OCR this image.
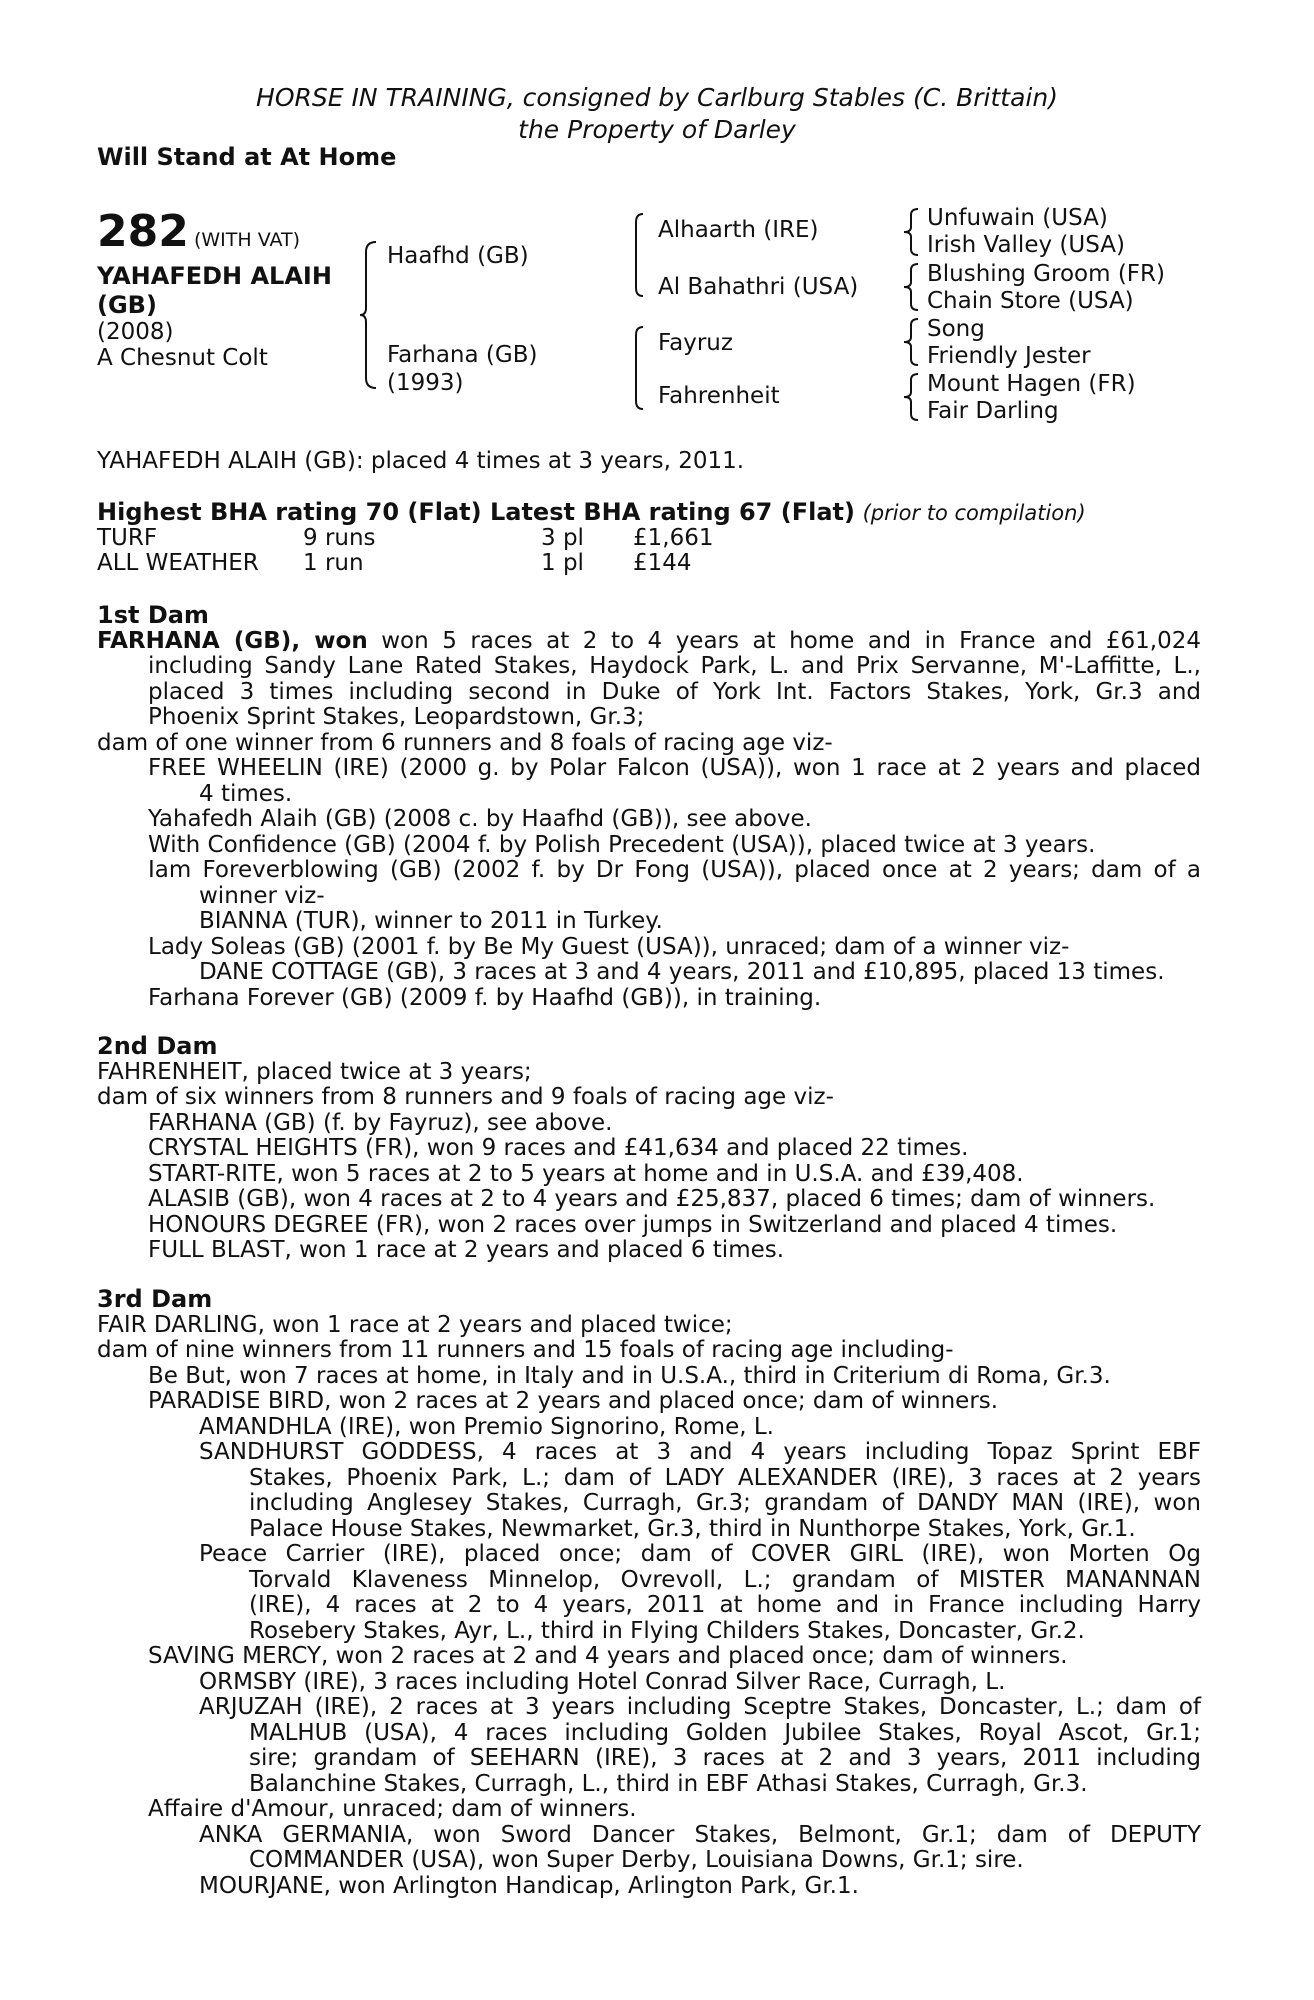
HORSE IN TRAINING, consigned by Carlburg Stables (C. Brittain)
the Property of Darley
Will Stand at At Home
282 (WITH VAT)
YAHAFEDH ALAIH
(GB)
(2008)
A Chesnut Colt
Haafhd (GB)
Farhana (GB)
(1993)
Alhaarth (IRE)
Al Bahathri (USA)
Fayruz
Fahrenheit
Unfuwain (USA)
Irish Valley (USA)
Blushing Groom (FR)
Chain Store (USA)
Song
Friendly Jester
Mount Hagen (FR)
Fair Darling
YAHAFEDH ALAIH (GB): placed 4 times at 3 years, 2011.
Highest BHA rating 70 (Flat) Latest BHA rating 67 (Flat) (prior to compilation)
TURF	9 runs	3 pl £1,661
ALL WEATHER 1 run	1 pl £144
1st Dam
FARHANA (GB), won won 5 races at 2 to 4 years at home and in France and £61,024
including Sandy Lane Rated Stakes, Haydock Park, L. and Prix Servanne, M'-Laffitte, L.,
placed 3 times including second in Duke of York Int. Factors Stakes, York, Gr.3 and
Phoenix Sprint Stakes, Leopardstown, Gr.3;
dam of one winner from 6 runners and 8 foals of racing age viz-
FREE WHEELIN (IRE) (2000 g. by Polar Falcon (USA)), won 1 race at 2 years and placed
4 times.
Yahafedh Alaih (GB) (2008 c. by Haafhd (GB)), see above.
With Confidence (GB) (2004 f. by Polish Precedent (USA)), placed twice at 3 years.
Iam Foreverblowing (GB) (2002 f. by Dr Fong (USA)), placed once at 2 years; dam of a
winner viz-
BIANNA (TUR), winner to 2011 in Turkey.
Lady Soleas (GB) (2001 f. by Be My Guest (USA)), unraced; dam of a winner viz-
DANE COTTAGE (GB), 3 races at 3 and 4 years, 2011 and £10,895, placed 13 times.
Farhana Forever (GB) (2009 f. by Haafhd (GB)), in training.
2nd Dam
FAHRENHEIT, placed twice at 3 years;
dam of six winners from 8 runners and 9 foals of racing age viz-
FARHANA (GB) (f. by Fayruz), see above.
CRYSTAL HEIGHTS (FR), won 9 races and £41,634 and placed 22 times.
START-RITE, won 5 races at 2 to 5 years at home and in U.S.A. and £39,408.
ALASIB (GB), won 4 races at 2 to 4 years and £25,837, placed 6 times; dam of winners.
HONOURS DEGREE (FR), won 2 races over jumps in Switzerland and placed 4 times.
FULL BLAST, won 1 race at 2 years and placed 6 times.
3rd Dam
FAIR DARLING, won 1 race at 2 years and placed twice;
dam of nine winners from 11 runners and 15 foals of racing age including-
Be But, won 7 races at home, in Italy and in U.S.A., third in Criterium di Roma, Gr.3.
PARADISE BIRD, won 2 races at 2 years and placed once; dam of winners.
AMANDHLA (IRE), won Premio Signorino, Rome, L.
SANDHURST GODDESS, 4 races at 3 and 4 years including Topaz Sprint EBF
Stakes, Phoenix Park, L.; dam of LADY ALEXANDER (IRE), 3 races at 2 years
including Anglesey Stakes, Curragh, Gr.3; grandam of DANDY MAN (IRE), won
Palace House Stakes, Newmarket, Gr.3, third in Nunthorpe Stakes, York, Gr.1.
Peace Carrier (IRE), placed once; dam of COVER GIRL (IRE), won Morten Og
Torvald Klaveness Minnelop, Ovrevoll, L.; grandam of MISTER MANANNAN
(IRE), 4 races at 2 to 4 years, 2011 at home and in France including Harry
Rosebery Stakes, Ayr, L., third in Flying Childers Stakes, Doncaster, Gr.2.
SAVING MERCY, won 2 races at 2 and 4 years and placed once; dam of winners.
ORMSBY (IRE), 3 races including Hotel Conrad Silver Race, Curragh, L.
ARJUZAH (IRE), 2 races at 3 years including Sceptre Stakes, Doncaster, L.; dam of
MALHUB (USA), 4 races including Golden Jubilee Stakes, Royal Ascot, Gr.1;
sire; grandam of SEEHARN (IRE), 3 races at 2 and 3 years, 2011 including
Balanchine Stakes, Curragh, L., third in EBF Athasi Stakes, Curragh, Gr.3.
Affaire d'Amour, unraced; dam of winners.
ANKA GERMANIA, won Sword Dancer Stakes, Belmont, Gr.1; dam of DEPUTY
COMMANDER (USA), won Super Derby, Louisiana Downs, Gr.1; sire.
MOURJANE, won Arlington Handicap, Arlington Park, Gr.1.
